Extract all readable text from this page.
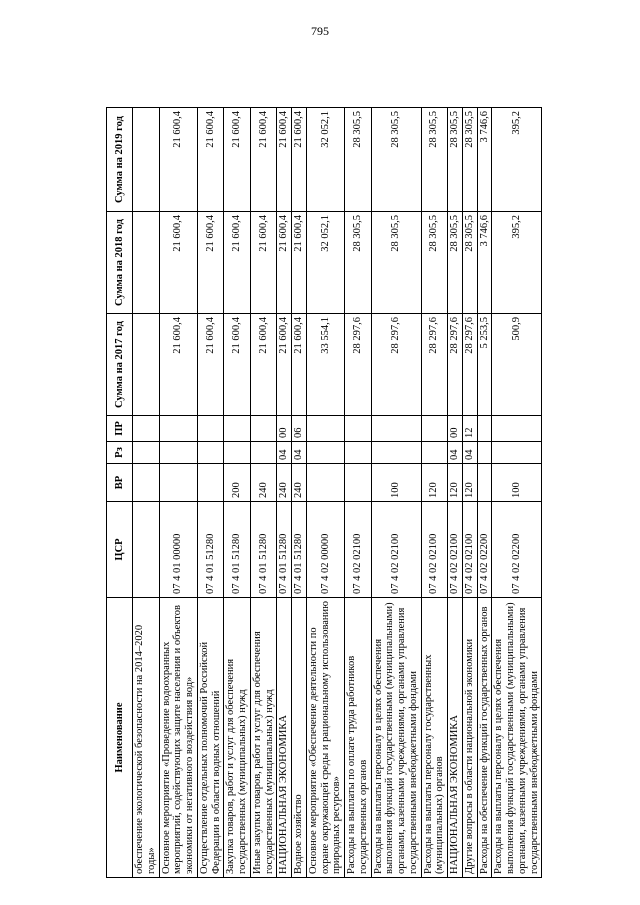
795
Наименование	ЦСР	ВР	Рз	ПР	Сумма на 2017 год	Сумма на 2018 год	Сумма на 2019 год
обеспечение экологической безопасности на 2014–2020 годы»							
Основное мероприятие «Проведение водоохранных мероприятий, содействующих защите населения и объектов экономики от негативного воздействия вод»	07 4 01 00000				21 600,4	21 600,4	21 600,4
Осуществление отдельных полномочий Российской Федерации в области водных отношений	07 4 01 51280				21 600,4	21 600,4	21 600,4
Закупка товаров, работ и услуг для обеспечения государственных (муниципальных) нужд	07 4 01 51280	200			21 600,4	21 600,4	21 600,4
Иные закупки товаров, работ и услуг для обеспечения государственных (муниципальных) нужд	07 4 01 51280	240			21 600,4	21 600,4	21 600,4
НАЦИОНАЛЬНАЯ ЭКОНОМИКА	07 4 01 51280	240	04	00	21 600,4	21 600,4	21 600,4
Водное хозяйство	07 4 01 51280	240	04	06	21 600,4	21 600,4	21 600,4
Основное мероприятие «Обеспечение деятельности по охране окружающей среды и рациональному использованию природных ресурсов»	07 4 02 00000				33 554,1	32 052,1	32 052,1
Расходы на выплаты по оплате труда работников государственных органов	07 4 02 02100				28 297,6	28 305,5	28 305,5
Расходы на выплаты персоналу в целях обеспечения выполнения функций государственными (муниципальными) органами, казенными учреждениями, органами управления государственными внебюджетными фондами	07 4 02 02100	100			28 297,6	28 305,5	28 305,5
Расходы на выплаты персоналу государственных (муниципальных) органов	07 4 02 02100	120			28 297,6	28 305,5	28 305,5
НАЦИОНАЛЬНАЯ ЭКОНОМИКА	07 4 02 02100	120	04	00	28 297,6	28 305,5	28 305,5
Другие вопросы в области национальной экономики	07 4 02 02100	120	04	12	28 297,6	28 305,5	28 305,5
Расходы на обеспечение функций государственных органов	07 4 02 02200				5 253,5	3 746,6	3 746,6
Расходы на выплаты персоналу в целях обеспечения выполнения функций государственными (муниципальными) органами, казенными учреждениями, органами управления государственными внебюджетными фондами	07 4 02 02200	100			500,9	395,2	395,2
